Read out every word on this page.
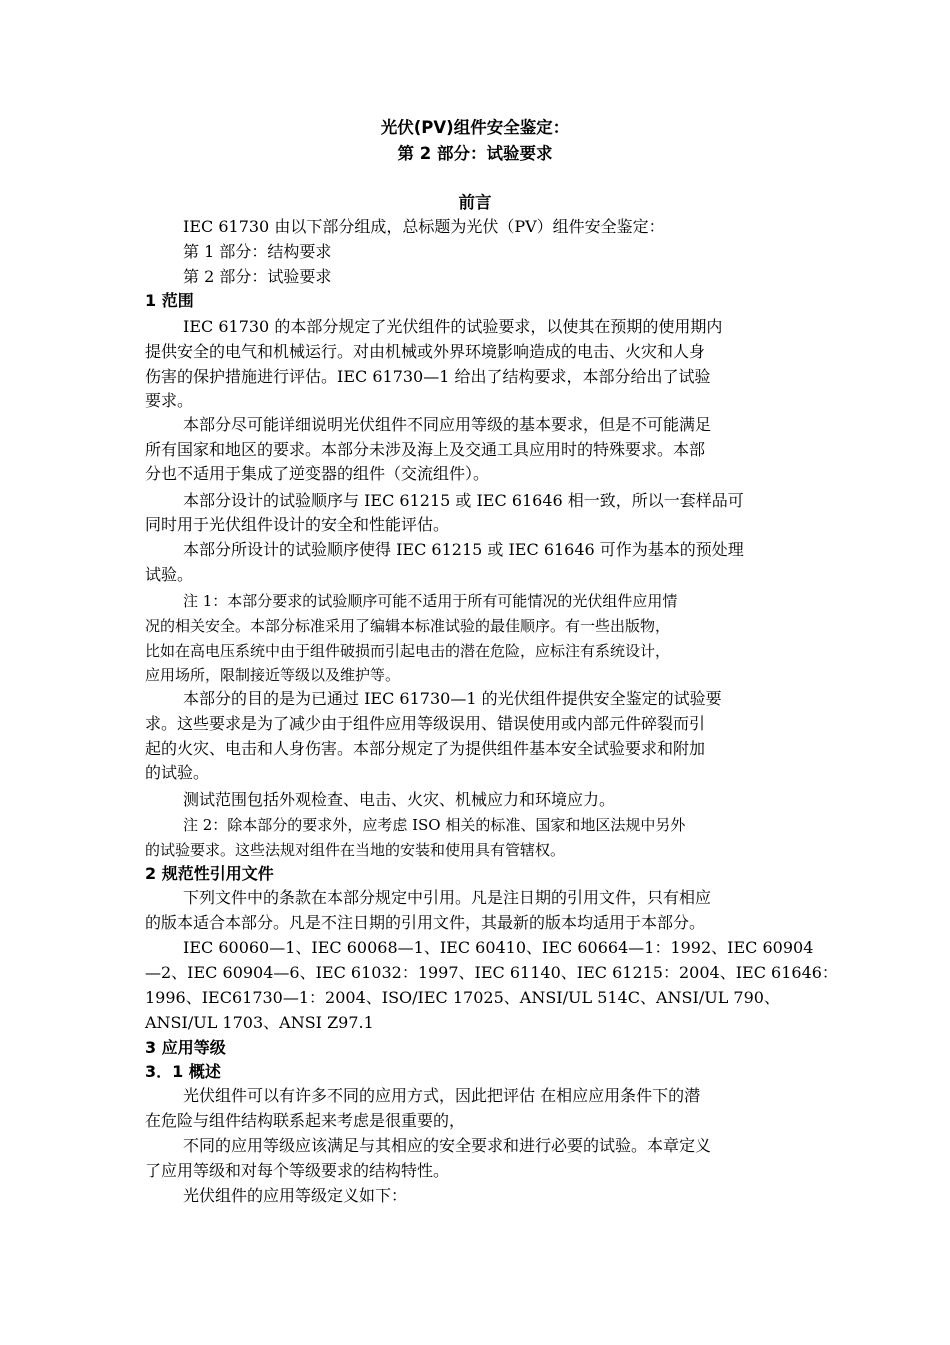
光伏(PV)组件安全鉴定：
第 2 部分：试验要求
前言
IEC 61730 由以下部分组成，总标题为光伏（PV）组件安全鉴定：
第 1 部分：结构要求
第 2 部分：试验要求
1 范围
IEC 61730 的本部分规定了光伏组件的试验要求，以使其在预期的使用期内
提供安全的电气和机械运行。对由机械或外界环境影响造成的电击、火灾和人身
伤害的保护措施进行评估。IEC 61730—1 给出了结构要求，本部分给出了试验
要求。
本部分尽可能详细说明光伏组件不同应用等级的基本要求，但是不可能满足
所有国家和地区的要求。本部分未涉及海上及交通工具应用时的特殊要求。本部
分也不适用于集成了逆变器的组件（交流组件）。
本部分设计的试验顺序与 IEC 61215 或 IEC 61646 相一致，所以一套样品可
同时用于光伏组件设计的安全和性能评估。
本部分所设计的试验顺序使得 IEC 61215 或 IEC 61646 可作为基本的预处理
试验。
注 1：本部分要求的试验顺序可能不适用于所有可能情况的光伏组件应用情
况的相关安全。本部分标准采用了编辑本标准试验的最佳顺序。有一些出版物，
比如在高电压系统中由于组件破损而引起电击的潜在危险，应标注有系统设计，
应用场所，限制接近等级以及维护等。
本部分的目的是为已通过 IEC 61730—1 的光伏组件提供安全鉴定的试验要
求。这些要求是为了减少由于组件应用等级误用、错误使用或内部元件碎裂而引
起的火灾、电击和人身伤害。本部分规定了为提供组件基本安全试验要求和附加
的试验。
测试范围包括外观检查、电击、火灾、机械应力和环境应力。
注 2：除本部分的要求外，应考虑 ISO 相关的标准、国家和地区法规中另外
的试验要求。这些法规对组件在当地的安装和使用具有管辖权。
2 规范性引用文件
下列文件中的条款在本部分规定中引用。凡是注日期的引用文件，只有相应
的版本适合本部分。凡是不注日期的引用文件，其最新的版本均适用于本部分。
IEC 60060—1、IEC 60068—1、IEC 60410、IEC 60664—1：1992、IEC 60904
—2、IEC 60904—6、IEC 61032：1997、IEC 61140、IEC 61215：2004、IEC 61646：
1996、IEC61730—1：2004、ISO/IEC 17025、ANSI/UL 514C、ANSI/UL 790、
ANSI/UL 1703、ANSI Z97.1
3 应用等级
3．1 概述
光伏组件可以有许多不同的应用方式，因此把评估 在相应应用条件下的潜
在危险与组件结构联系起来考虑是很重要的，
不同的应用等级应该满足与其相应的安全要求和进行必要的试验。本章定义
了应用等级和对每个等级要求的结构特性。
光伏组件的应用等级定义如下：
